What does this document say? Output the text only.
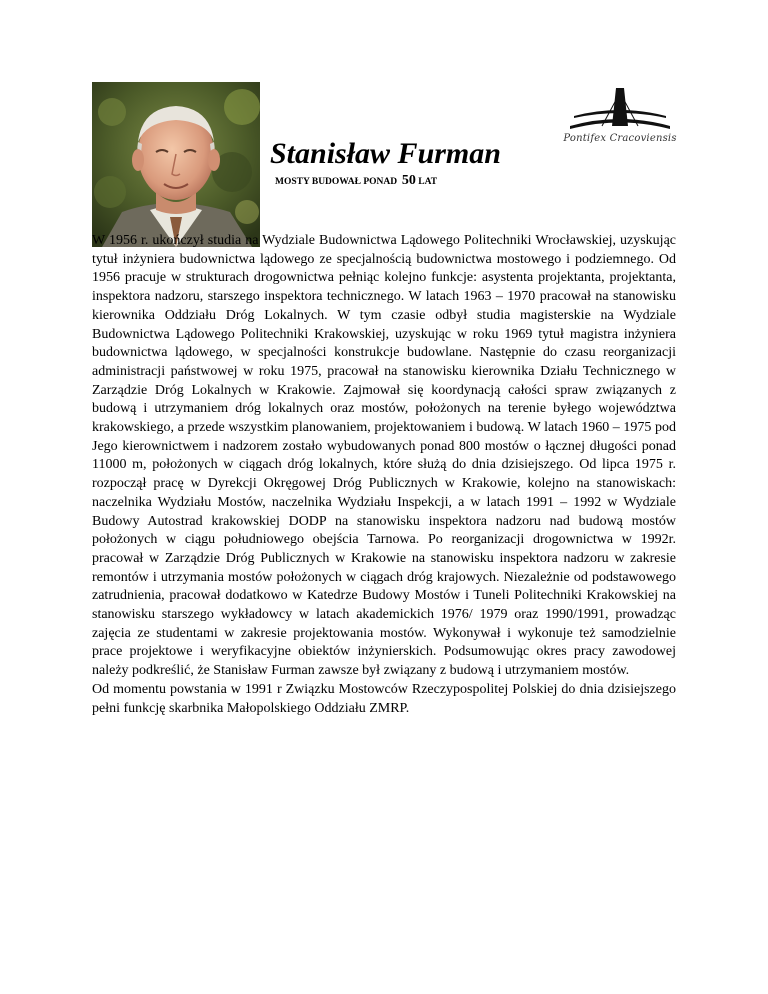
Pontifex Cracoviensis
Stanisław Furman
MOSTY BUDOWAŁ PONAD 50 LAT

W 1956 r. ukończył studia na Wydziale Budownictwa Lądowego Politechniki Wrocławskiej, uzyskując tytuł inżyniera budownictwa lądowego ze specjalnością budownictwa mostowego i podziemnego. Od 1956 pracuje w strukturach drogownictwa pełniąc kolejno funkcje: asystenta projektanta, projektanta, inspektora nadzoru, starszego inspektora technicznego. W latach 1963 – 1970 pracował na stanowisku kierownika Oddziału Dróg Lokalnych. W tym czasie odbył studia magisterskie na Wydziale Budownictwa Lądowego Politechniki Krakowskiej, uzyskując w roku 1969 tytuł magistra inżyniera budownictwa lądowego, w specjalności konstrukcje budowlane. Następnie do czasu reorganizacji administracji państwowej w roku 1975, pracował na stanowisku kierownika Działu Technicznego w Zarządzie Dróg Lokalnych w Krakowie. Zajmował się koordynacją całości spraw związanych z budową i utrzymaniem dróg lokalnych oraz mostów, położonych na terenie byłego województwa krakowskiego, a przede wszystkim planowaniem, projektowaniem i budową. W latach 1960 – 1975 pod Jego kierownictwem i nadzorem zostało wybudowanych ponad 800 mostów o łącznej długości ponad 11000 m, położonych w ciągach dróg lokalnych, które służą do dnia dzisiejszego. Od lipca 1975 r. rozpoczął pracę w Dyrekcji Okręgowej Dróg Publicznych w Krakowie, kolejno na stanowiskach: naczelnika Wydziału Mostów, naczelnika Wydziału Inspekcji, a w latach 1991 – 1992 w Wydziale Budowy Autostrad krakowskiej DODP na stanowisku inspektora nadzoru nad budową mostów położonych w ciągu południowego obejścia Tarnowa. Po reorganizacji drogownictwa w 1992r. pracował w Zarządzie Dróg Publicznych w Krakowie na stanowisku inspektora nadzoru w zakresie remontów i utrzymania mostów położonych w ciągach dróg krajowych. Niezależnie od podstawowego zatrudnienia, pracował dodatkowo w Katedrze Budowy Mostów i Tuneli Politechniki Krakowskiej na stanowisku starszego wykładowcy w latach akademickich 1976/ 1979 oraz 1990/1991, prowadząc zajęcia ze studentami w zakresie projektowania mostów. Wykonywał i wykonuje też samodzielnie prace projektowe i weryfikacyjne obiektów inżynierskich. Podsumowując okres pracy zawodowej należy podkreślić, że Stanisław Furman zawsze był związany z budową i utrzymaniem mostów.

Od momentu powstania w 1991 r Związku Mostowców Rzeczypospolitej Polskiej do dnia dzisiejszego pełni funkcję skarbnika Małopolskiego Oddziału ZMRP.
